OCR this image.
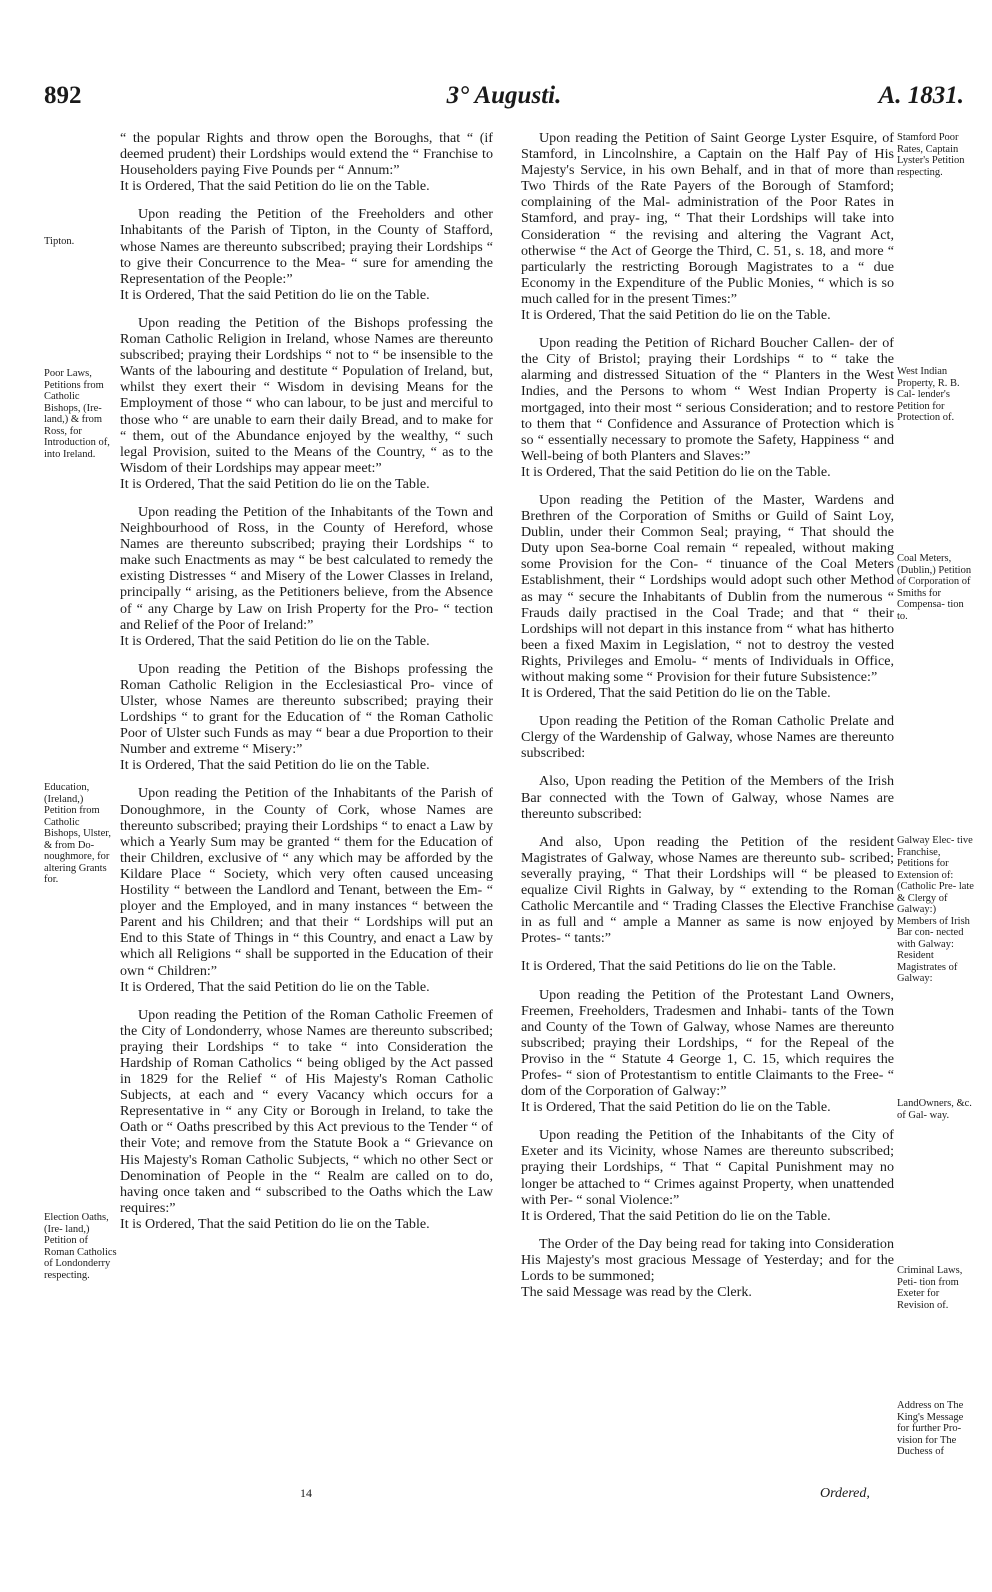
892	3° Augusti.	A. 1831.
“ the popular Rights and throw open the Boroughs, that “ (if deemed prudent) their Lordships would extend the “ Franchise to Householders paying Five Pounds per “ Annum:”
It is Ordered, That the said Petition do lie on the Table.
Upon reading the Petition of the Freeholders and other Inhabitants of the Parish of Tipton, in the County of Stafford, whose Names are thereunto subscribed; praying their Lordships “ to give their Concurrence to the Mea- “ sure for amending the Representation of the People:”
It is Ordered, That the said Petition do lie on the Table.
Upon reading the Petition of the Bishops professing the Roman Catholic Religion in Ireland, whose Names are thereunto subscribed; praying their Lordships “ not to “ be insensible to the Wants of the labouring and destitute “ Population of Ireland, but, whilst they exert their “ Wisdom in devising Means for the Employment of those “ who can labour, to be just and merciful to those who “ are unable to earn their daily Bread, and to make for “ them, out of the Abundance enjoyed by the wealthy, “ such legal Provision, suited to the Means of the Country, “ as to the Wisdom of their Lordships may appear meet:”
It is Ordered, That the said Petition do lie on the Table.
Upon reading the Petition of the Inhabitants of the Town and Neighbourhood of Ross, in the County of Hereford, whose Names are thereunto subscribed; praying their Lordships “ to make such Enactments as may “ be best calculated to remedy the existing Distresses “ and Misery of the Lower Classes in Ireland, principally “ arising, as the Petitioners believe, from the Absence of “ any Charge by Law on Irish Property for the Pro- “ tection and Relief of the Poor of Ireland:”
It is Ordered, That the said Petition do lie on the Table.
Upon reading the Petition of the Bishops professing the Roman Catholic Religion in the Ecclesiastical Pro- vince of Ulster, whose Names are thereunto subscribed; praying their Lordships “ to grant for the Education of “ the Roman Catholic Poor of Ulster such Funds as may “ bear a due Proportion to their Number and extreme “ Misery:”
It is Ordered, That the said Petition do lie on the Table.
Upon reading the Petition of the Inhabitants of the Parish of Donoughmore, in the County of Cork, whose Names are thereunto subscribed; praying their Lordships “ to enact a Law by which a Yearly Sum may be granted “ them for the Education of their Children, exclusive of “ any which may be afforded by the Kildare Place “ Society, which very often caused unceasing Hostility “ between the Landlord and Tenant, between the Em- “ ployer and the Employed, and in many instances “ between the Parent and his Children; and that their “ Lordships will put an End to this State of Things in “ this Country, and enact a Law by which all Religions “ shall be supported in the Education of their own “ Children:”
It is Ordered, That the said Petition do lie on the Table.
Upon reading the Petition of the Roman Catholic Freemen of the City of Londonderry, whose Names are thereunto subscribed; praying their Lordships “ to take “ into Consideration the Hardship of Roman Catholics “ being obliged by the Act passed in 1829 for the Relief “ of His Majesty's Roman Catholic Subjects, at each and “ every Vacancy which occurs for a Representative in “ any City or Borough in Ireland, to take the Oath or “ Oaths prescribed by this Act previous to the Tender “ of their Vote; and remove from the Statute Book a “ Grievance on His Majesty's Roman Catholic Subjects, “ which no other Sect or Denomination of People in the “ Realm are called on to do, having once taken and “ subscribed to the Oaths which the Law requires:”
It is Ordered, That the said Petition do lie on the Table.
Upon reading the Petition of Saint George Lyster Esquire, of Stamford, in Lincolnshire, a Captain on the Half Pay of His Majesty's Service, in his own Behalf, and in that of more than Two Thirds of the Rate Payers of the Borough of Stamford; complaining of the Mal- administration of the Poor Rates in Stamford, and pray- ing, “ That their Lordships will take into Consideration “ the revising and altering the Vagrant Act, otherwise “ the Act of George the Third, C. 51, s. 18, and more “ particularly the restricting Borough Magistrates to a “ due Economy in the Expenditure of the Public Monies, “ which is so much called for in the present Times:”
It is Ordered, That the said Petition do lie on the Table.
Upon reading the Petition of Richard Boucher Callen- der of the City of Bristol; praying their Lordships “ to “ take the alarming and distressed Situation of the “ Planters in the West Indies, and the Persons to whom “ West Indian Property is mortgaged, into their most “ serious Consideration; and to restore to them that “ Confidence and Assurance of Protection which is so “ essentially necessary to promote the Safety, Happiness “ and Well-being of both Planters and Slaves:”
It is Ordered, That the said Petition do lie on the Table.
Upon reading the Petition of the Master, Wardens and Brethren of the Corporation of Smiths or Guild of Saint Loy, Dublin, under their Common Seal; praying, “ That should the Duty upon Sea-borne Coal remain “ repealed, without making some Provision for the Con- “ tinuance of the Coal Meters Establishment, their “ Lordships would adopt such other Method as may “ secure the Inhabitants of Dublin from the numerous “ Frauds daily practised in the Coal Trade; and that “ their Lordships will not depart in this instance from “ what has hitherto been a fixed Maxim in Legislation, “ not to destroy the vested Rights, Privileges and Emolu- “ ments of Individuals in Office, without making some “ Provision for their future Subsistence:”
It is Ordered, That the said Petition do lie on the Table.
Upon reading the Petition of the Roman Catholic Prelate and Clergy of the Wardenship of Galway, whose Names are thereunto subscribed:
Also, Upon reading the Petition of the Members of the Irish Bar connected with the Town of Galway, whose Names are thereunto subscribed:
And also, Upon reading the Petition of the resident Magistrates of Galway, whose Names are thereunto sub- scribed; severally praying, “ That their Lordships will “ be pleased to equalize Civil Rights in Galway, by “ extending to the Roman Catholic Mercantile and “ Trading Classes the Elective Franchise in as full and “ ample a Manner as same is now enjoyed by Protes- “ tants:”
It is Ordered, That the said Petitions do lie on the Table.
Upon reading the Petition of the Protestant Land Owners, Freemen, Freeholders, Tradesmen and Inhabi- tants of the Town and County of the Town of Galway, whose Names are thereunto subscribed; praying their Lordships, “ for the Repeal of the Proviso in the “ Statute 4 George 1, C. 15, which requires the Profes- “ sion of Protestantism to entitle Claimants to the Free- “ dom of the Corporation of Galway:”
It is Ordered, That the said Petition do lie on the Table.
Upon reading the Petition of the Inhabitants of the City of Exeter and its Vicinity, whose Names are thereunto subscribed; praying their Lordships, “ That “ Capital Punishment may no longer be attached to “ Crimes against Property, when unattended with Per- “ sonal Violence:”
It is Ordered, That the said Petition do lie on the Table.
The Order of the Day being read for taking into Consideration His Majesty's most gracious Message of Yesterday; and for the Lords to be summoned;
The said Message was read by the Clerk.
Tipton.
Poor Laws, Petitions from Catholic Bishops, (Ire- land,) & from Ross, for Introduction of, into Ireland.
Education, (Ireland,) Petition from Catholic Bishops, Ulster, & from Do- noughmore, for altering Grants for.
Election Oaths, (Ire- land,) Petition of Roman Catholics of Londonderry respecting.
Stamford Poor Rates, Captain Lyster's Petition respecting.
West Indian Property, R. B. Cal- lender's Petition for Protection of.
Coal Meters, (Dublin,) Petition of Corporation of Smiths for Compensa- tion to.
Galway Elec- tive Franchise, Petitions for Extension of: (Catholic Pre- late & Clergy of Galway:) Members of Irish Bar con- nected with Galway: Resident Magistrates of Galway:
LandOwners, &c. of Gal- way.
Criminal Laws, Peti- tion from Exeter for Revision of.
Address on The King's Message for further Pro- vision for The Duchess of
14	Ordered,
